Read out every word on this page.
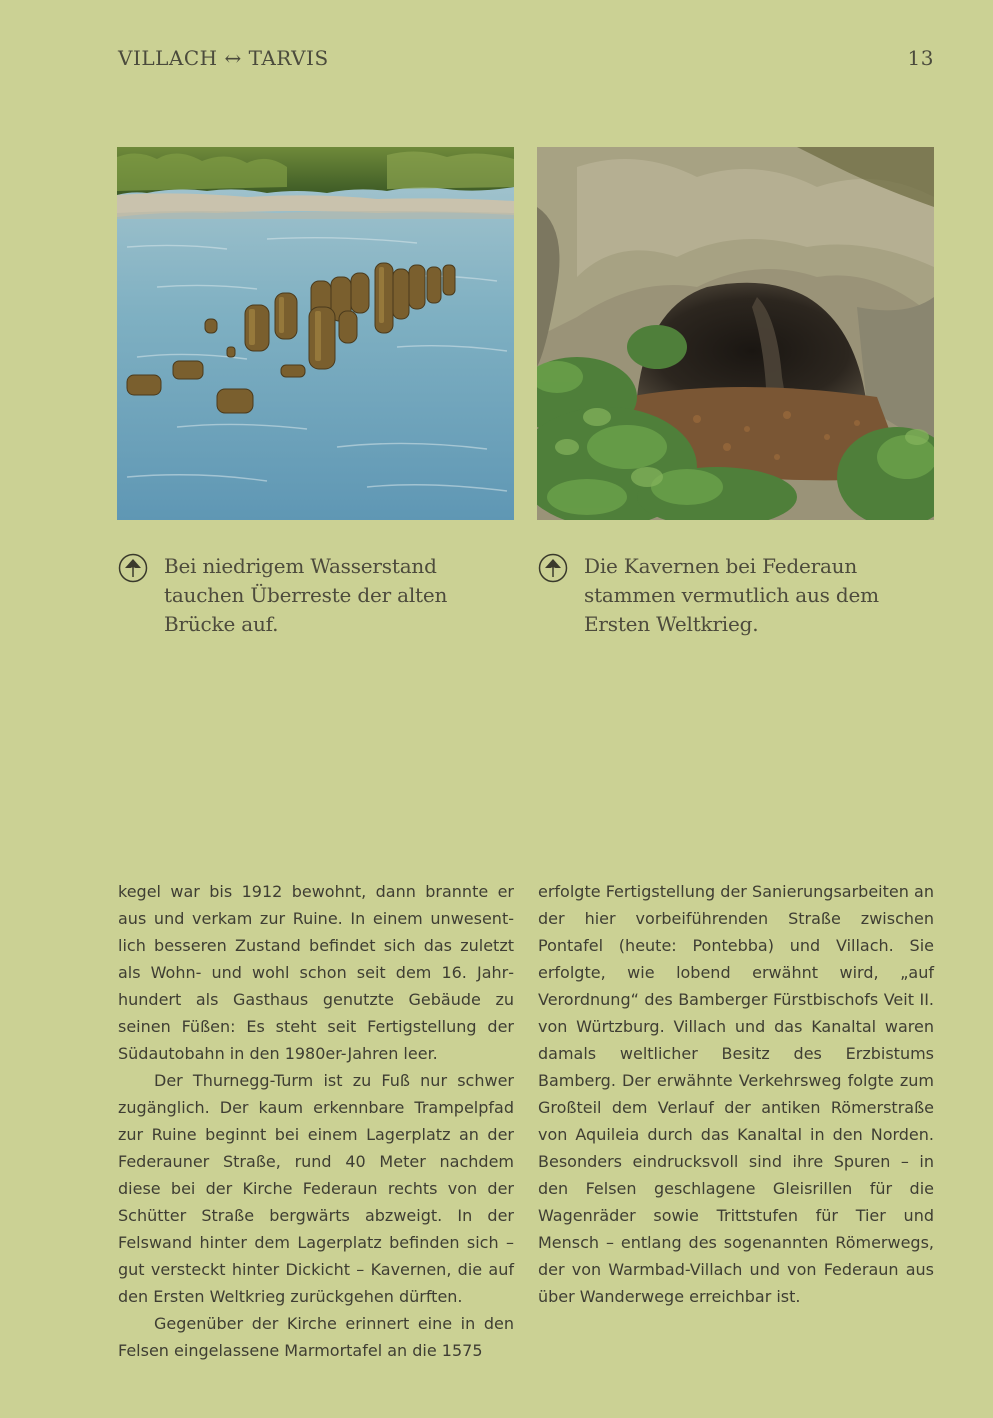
VILLACH ↔ TARVIS	13
Bei niedrigem Wasserstand tauchen Überreste der alten Brücke auf.
Die Kavernen bei Federaun stammen vermutlich aus dem Ersten Weltkrieg.

kegel war bis 1912 bewohnt, dann brannte er aus und verkam zur Ruine. In einem unwesentlich besseren Zustand befindet sich das zuletzt als Wohn- und wohl schon seit dem 16. Jahrhundert als Gasthaus genutzte Gebäude zu seinen Füßen: Es steht seit Fertigstellung der Südautobahn in den 1980er-Jahren leer.

Der Thurnegg-Turm ist zu Fuß nur schwer zugänglich. Der kaum erkennbare Trampelpfad zur Ruine beginnt bei einem Lagerplatz an der Federauner Straße, rund 40 Meter nachdem diese bei der Kirche Federaun rechts von der Schütter Straße bergwärts abzweigt. In der Felswand hinter dem Lagerplatz befinden sich – gut versteckt hinter Dickicht – Kavernen, die auf den Ersten Weltkrieg zurückgehen dürften.

Gegenüber der Kirche erinnert eine in den Felsen eingelassene Marmortafel an die 1575

erfolgte Fertigstellung der Sanierungsarbeiten an der hier vorbeiführenden Straße zwischen Pontafel (heute: Pontebba) und Villach. Sie erfolgte, wie lobend erwähnt wird, „auf Verordnung“ des Bamberger Fürstbischofs Veit II. von Würtzburg. Villach und das Kanaltal waren damals weltlicher Besitz des Erzbistums Bamberg. Der erwähnte Verkehrsweg folgte zum Großteil dem Verlauf der antiken Römerstraße von Aquileia durch das Kanaltal in den Norden. Besonders eindrucksvoll sind ihre Spuren – in den Felsen geschlagene Gleisrillen für die Wagenräder sowie Trittstufen für Tier und Mensch – entlang des sogenannten Römerwegs, der von Warmbad-Villach und von Federaun aus über Wanderwege erreichbar ist.
